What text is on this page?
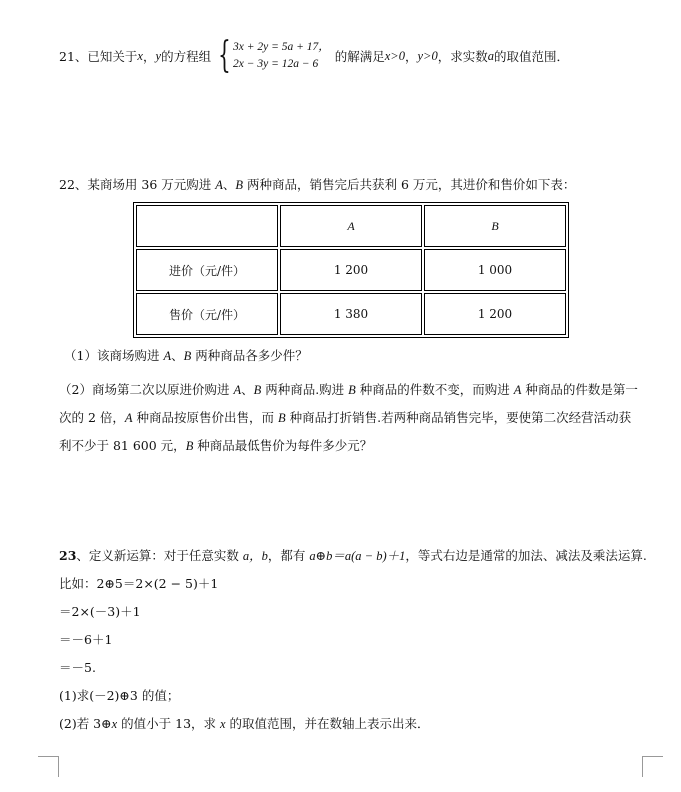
21 、已知关于 x ， y 的方程组 { 3x + 2y = 5a + 17，
2x − 3y = 12a − 6	的解满足 x>0 ， y>0 ，求实数 a 的取值范围．
22、某商场用 36 万元购进 A、B 两种商品，销售完后共获利 6 万元，其进价和售价如下表：
	A	B
进价（元/件）	1 200	1 000
售价（元/件）	1 380	1 200
（1）该商场购进 A、B 两种商品各多少件？
（2）商场第二次以原进价购进 A、B 两种商品.购进 B 种商品的件数不变，而购进 A 种商品的件数是第一次的 2 倍，A 种商品按原售价出售，而 B 种商品打折销售.若两种商品销售完毕，要使第二次经营活动获利不少于 81 600 元，B 种商品最低售价为每件多少元？
23、定义新运算：对于任意实数 a，b，都有 a⊕b＝a(a − b)＋1，等式右边是通常的加法、减法及乘法运算.
比如：2⊕5＝2×(2 − 5)＋1
＝2×(－3)＋1
＝－6＋1
＝－5.
(1)求(－2)⊕3 的值；
(2)若 3⊕x 的值小于 13，求 x 的取值范围，并在数轴上表示出来．
